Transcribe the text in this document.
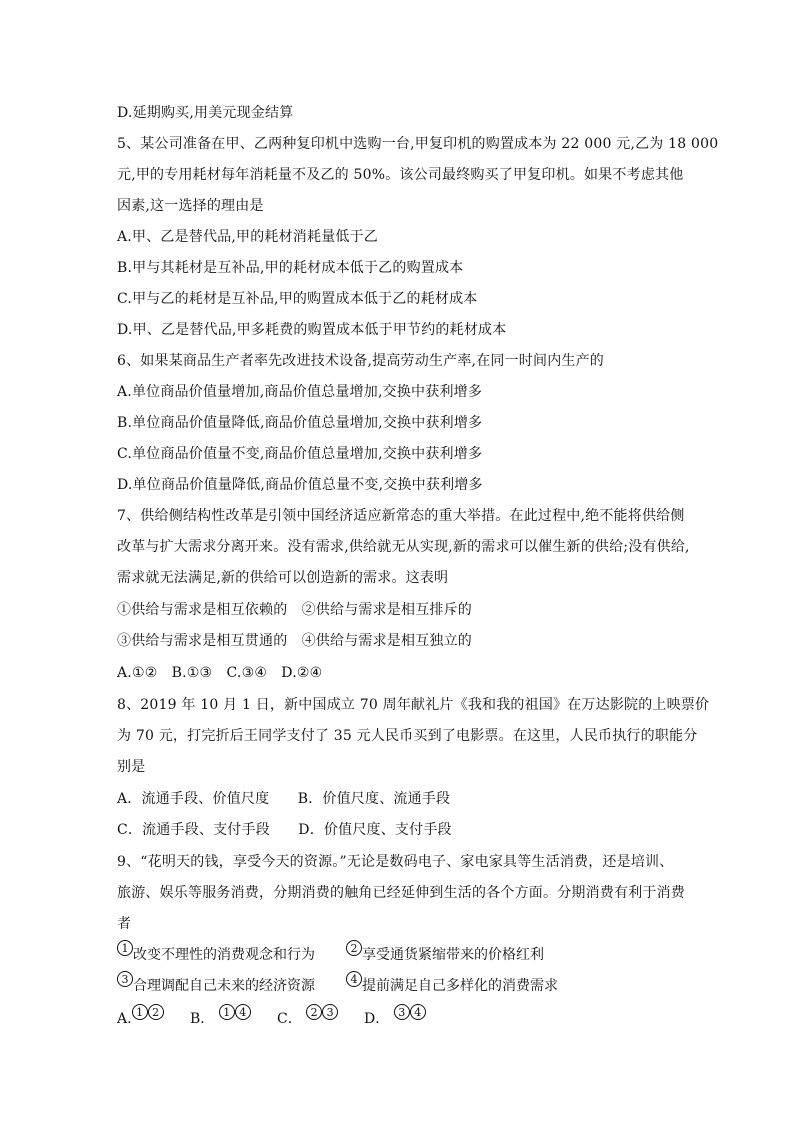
D.延期购买,用美元现金结算
5、某公司准备在甲、乙两种复印机中选购一台,甲复印机的购置成本为 22 000 元,乙为 18 000
元,甲的专用耗材每年消耗量不及乙的 50%。该公司最终购买了甲复印机。如果不考虑其他
因素,这一选择的理由是
A.甲、乙是替代品,甲的耗材消耗量低于乙
B.甲与其耗材是互补品,甲的耗材成本低于乙的购置成本
C.甲与乙的耗材是互补品,甲的购置成本低于乙的耗材成本
D.甲、乙是替代品,甲多耗费的购置成本低于甲节约的耗材成本
6、如果某商品生产者率先改进技术设备,提高劳动生产率,在同一时间内生产的
A.单位商品价值量增加,商品价值总量增加,交换中获利增多
B.单位商品价值量降低,商品价值总量增加,交换中获利增多
C.单位商品价值量不变,商品价值总量增加,交换中获利增多
D.单位商品价值量降低,商品价值总量不变,交换中获利增多
7、供给侧结构性改革是引领中国经济适应新常态的重大举措。在此过程中,绝不能将供给侧
改革与扩大需求分离开来。没有需求,供给就无从实现,新的需求可以催生新的供给;没有供给,
需求就无法满足,新的供给可以创造新的需求。这表明
①供给与需求是相互依赖的　②供给与需求是相互排斥的
③供给与需求是相互贯通的　④供给与需求是相互独立的
A.①②　B.①③　C.③④　D.②④
8、2019 年 10 月 1 日，新中国成立 70 周年献礼片《我和我的祖国》在万达影院的上映票价
为 70 元，打完折后王同学支付了 35 元人民币买到了电影票。在这里，人民币执行的职能分
别是
A．流通手段、价值尺度　　B．价值尺度、流通手段
C．流通手段、支付手段　　D．价值尺度、支付手段
9、“花明天的钱，享受今天的资源。”无论是数码电子、家电家具等生活消费，还是培训、
旅游、娱乐等服务消费，分期消费的触角已经延伸到生活的各个方面。分期消费有利于消费
者
1 改变不理性的消费观念和行为	2 享受通货紧缩带来的价格红利
3 合理调配自己未来的经济资源	4 提前满足自己多样化的消费需求
A. 1 2	B． 1 4	C． 2 3	D． 3 4
